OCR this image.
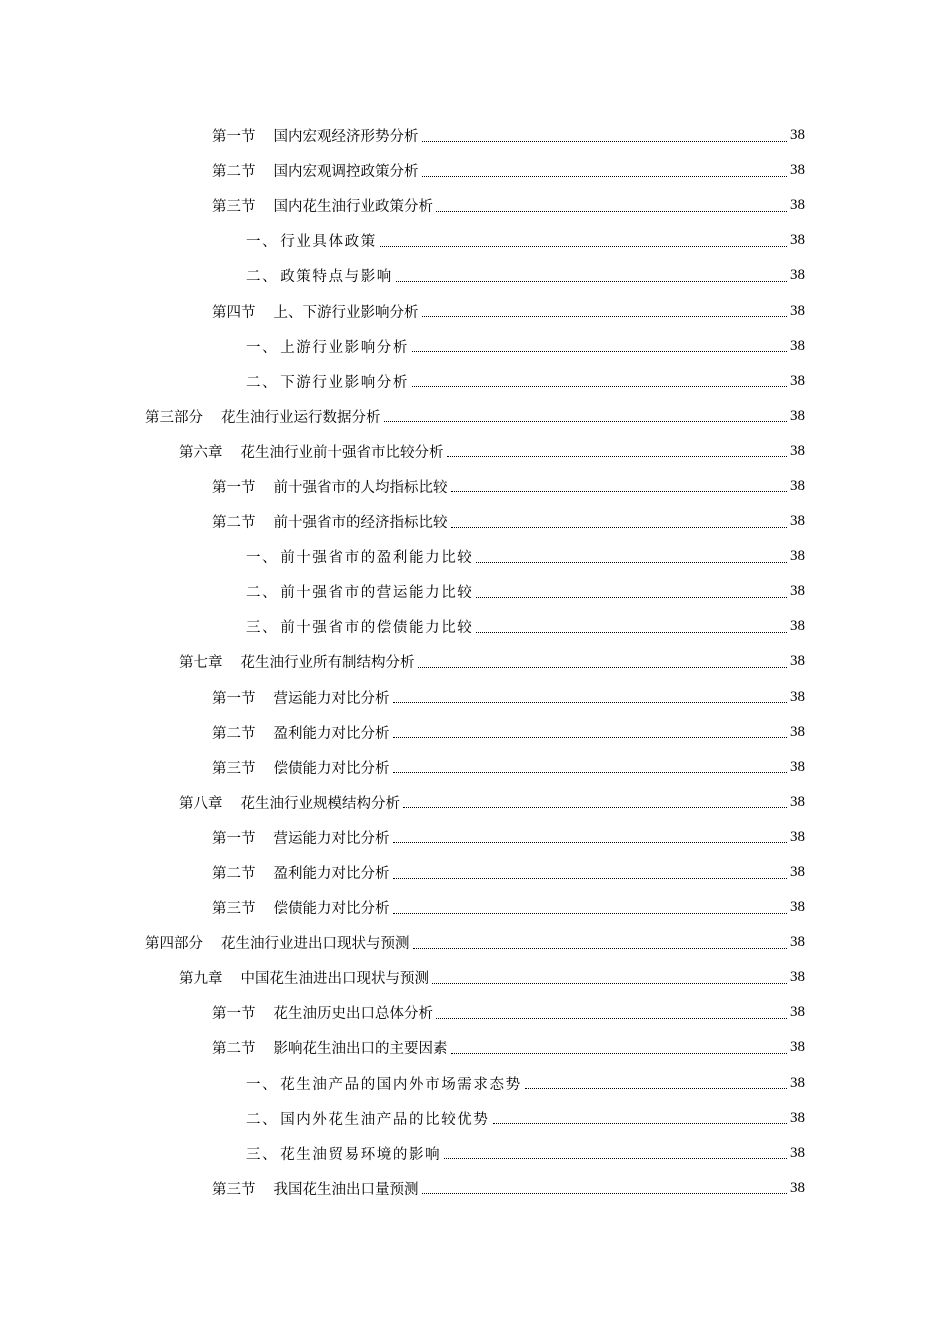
第一节 国内宏观经济形势分析	38
第二节 国内宏观调控政策分析	38
第三节 国内花生油行业政策分析	38
一、 行业具体政策	38
二、 政策特点与影响	38
第四节 上、下游行业影响分析	38
一、 上游行业影响分析	38
二、 下游行业影响分析	38
第三部分 花生油行业运行数据分析	38
第六章 花生油行业前十强省市比较分析	38
第一节 前十强省市的人均指标比较	38
第二节 前十强省市的经济指标比较	38
一、 前十强省市的盈利能力比较	38
二、 前十强省市的营运能力比较	38
三、 前十强省市的偿债能力比较	38
第七章 花生油行业所有制结构分析	38
第一节 营运能力对比分析	38
第二节 盈利能力对比分析	38
第三节 偿债能力对比分析	38
第八章 花生油行业规模结构分析	38
第一节 营运能力对比分析	38
第二节 盈利能力对比分析	38
第三节 偿债能力对比分析	38
第四部分 花生油行业进出口现状与预测	38
第九章 中国花生油进出口现状与预测	38
第一节 花生油历史出口总体分析	38
第二节 影响花生油出口的主要因素	38
一、 花生油产品的国内外市场需求态势	38
二、 国内外花生油产品的比较优势	38
三、 花生油贸易环境的影响	38
第三节 我国花生油出口量预测	38
